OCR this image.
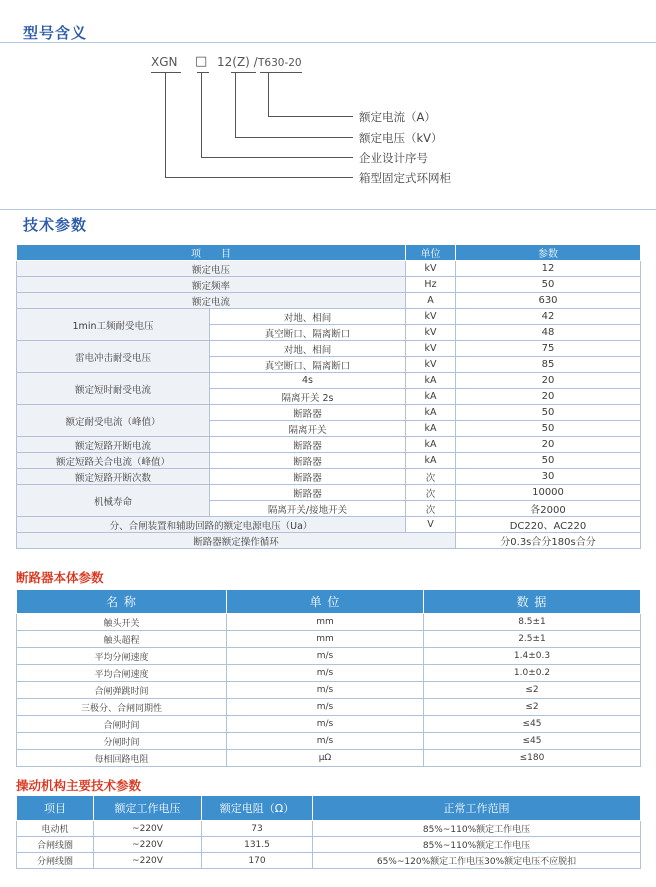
型号含义
XGN □ 12(Z) / T630-20
额定电流（A）
额定电压（kV）
企业设计序号
箱型固定式环网柜
技术参数
项　　目		单位	参数
额定电压		kV	12
额定频率		Hz	50
额定电流		A	630
1min工频耐受电压	对地、相间	kV	42
	真空断口、隔离断口	kV	48
雷电冲击耐受电压	对地、相间	kV	75
	真空断口、隔离断口	kV	85
额定短时耐受电流	4s	kA	20
	隔离开关 2s	kA	20
额定耐受电流（峰值）	断路器	kA	50
	隔离开关	kA	50
额定短路开断电流	断路器	kA	20
额定短路关合电流（峰值）	断路器	kA	50
额定短路开断次数	断路器	次	30
机械寿命	断路器	次	10000
	隔离开关/接地开关	次	各2000
分、合闸装置和辅助回路的额定电源电压（Ua）		V	DC220、AC220
断路器额定操作循环			分0.3s合分180s合分
断路器本体参数
名 称	单 位	数 据
触头开关	mm	8.5±1
触头超程	mm	2.5±1
平均分闸速度	m/s	1.4±0.3
平均合闸速度	m/s	1.0±0.2
合闸弹跳时间	m/s	≤2
三极分、合闸同期性	m/s	≤2
合闸时间	m/s	≤45
分闸时间	m/s	≤45
每相回路电阻	μΩ	≤180
操动机构主要技术参数
项目	额定工作电压	额定电阻（Ω）	正常工作范围
电动机	~220V	73	85%~110%额定工作电压
合闸线圈	~220V	131.5	85%~110%额定工作电压
分闸线圈	~220V	170	65%~120%额定工作电压30%额定电压不应脱扣
